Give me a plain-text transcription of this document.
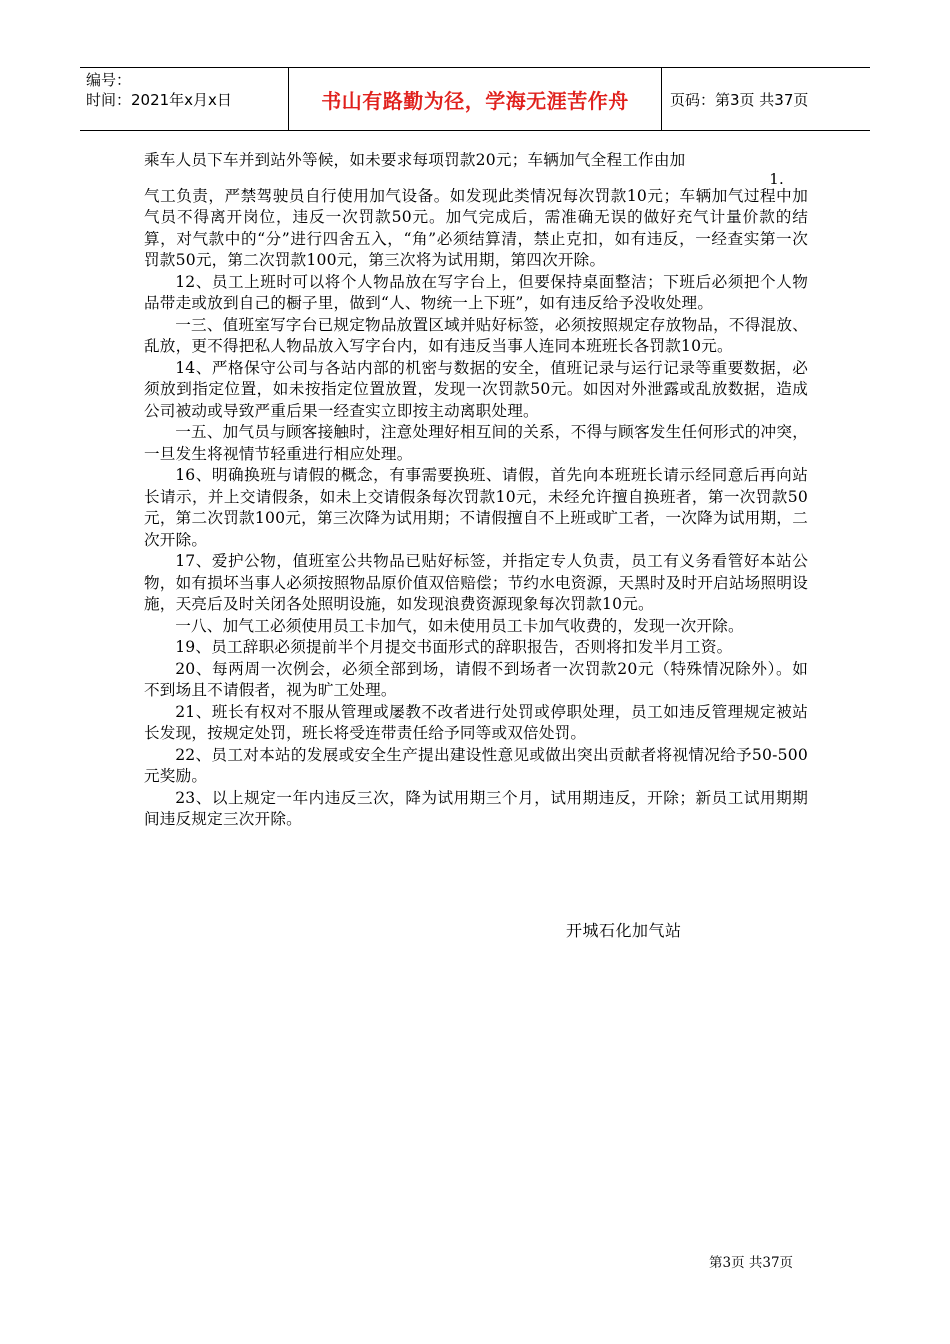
编号：
时间：2021年x月x日	书山有路勤为径，学海无涯苦作舟	页码：第3页 共37页

乘车人员下车并到站外等候，如未要求每项罚款20元；车辆加气全程工作由加

1.

气工负责，严禁驾驶员自行使用加气设备。如发现此类情况每次罚款10元；车辆加气过程中加气员不得离开岗位，违反一次罚款50元。加气完成后，需准确无误的做好充气计量价款的结算，对气款中的“分”进行四舍五入，“角”必须结算清，禁止克扣，如有违反，一经查实第一次罚款50元，第二次罚款100元，第三次将为试用期，第四次开除。

12、员工上班时可以将个人物品放在写字台上，但要保持桌面整洁；下班后必须把个人物品带走或放到自己的橱子里，做到“人、物统一上下班”，如有违反给予没收处理。

一三、值班室写字台已规定物品放置区域并贴好标签，必须按照规定存放物品，不得混放、乱放，更不得把私人物品放入写字台内，如有违反当事人连同本班班长各罚款10元。

14、严格保守公司与各站内部的机密与数据的安全，值班记录与运行记录等重要数据，必须放到指定位置，如未按指定位置放置，发现一次罚款50元。如因对外泄露或乱放数据，造成公司被动或导致严重后果一经查实立即按主动离职处理。

一五、加气员与顾客接触时，注意处理好相互间的关系，不得与顾客发生任何形式的冲突，一旦发生将视情节轻重进行相应处理。

16、明确换班与请假的概念，有事需要换班、请假，首先向本班班长请示经同意后再向站长请示，并上交请假条，如未上交请假条每次罚款10元，未经允许擅自换班者，第一次罚款50元，第二次罚款100元，第三次降为试用期；不请假擅自不上班或旷工者，一次降为试用期，二次开除。

17、爱护公物，值班室公共物品已贴好标签，并指定专人负责，员工有义务看管好本站公物，如有损坏当事人必须按照物品原价值双倍赔偿；节约水电资源，天黑时及时开启站场照明设施，天亮后及时关闭各处照明设施，如发现浪费资源现象每次罚款10元。

一八、加气工必须使用员工卡加气，如未使用员工卡加气收费的，发现一次开除。

19、员工辞职必须提前半个月提交书面形式的辞职报告，否则将扣发半月工资。

20、每两周一次例会，必须全部到场，请假不到场者一次罚款20元（特殊情况除外）。如不到场且不请假者，视为旷工处理。

21、班长有权对不服从管理或屡教不改者进行处罚或停职处理，员工如违反管理规定被站长发现，按规定处罚，班长将受连带责任给予同等或双倍处罚。

22、员工对本站的发展或安全生产提出建设性意见或做出突出贡献者将视情况给予50-500元奖励。

23、以上规定一年内违反三次，降为试用期三个月，试用期违反，开除；新员工试用期期间违反规定三次开除。

开城石化加气站
第3页 共37页
